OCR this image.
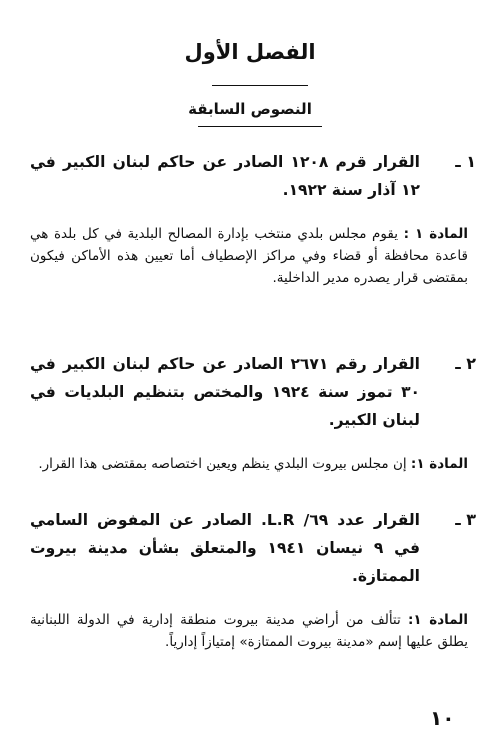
الفصل الأول
النصوص السابقة
١ ـ
القرار قرم ١٢٠٨ الصادر عن حاكم لبنان الكبير في ١٢ آذار سنة ١٩٢٢.
المادة ١ : يقوم مجلس بلدي منتخب بإدارة المصالح البلدية في كل بلدة هي قاعدة محافظة أو قضاء وفي مراكز الإصطياف أما تعيين هذه الأماكن فيكون بمقتضى قرار يصدره مدير الداخلية.
٢ ـ
القرار رقم ٢٦٧١ الصادر عن حاكم لبنان الكبير في ٣٠ تموز سنة ١٩٢٤ والمختص بتنظيم البلديات في لبنان الكبير.
المادة ١: إن مجلس بيروت البلدي ينظم ويعين اختصاصه بمقتضى هذا القرار.
٣ ـ
القرار عدد ٦٩/ L.R. الصادر عن المفوض السامي في ٩ نيسان ١٩٤١ والمتعلق بشأن مدينة بيروت الممتازة.
المادة ١: تتألف من أراضي مدينة بيروت منطقة إدارية في الدولة اللبنانية يطلق عليها إسم «مدينة بيروت الممتازة» إمتيازاً إدارياً.
١٠
